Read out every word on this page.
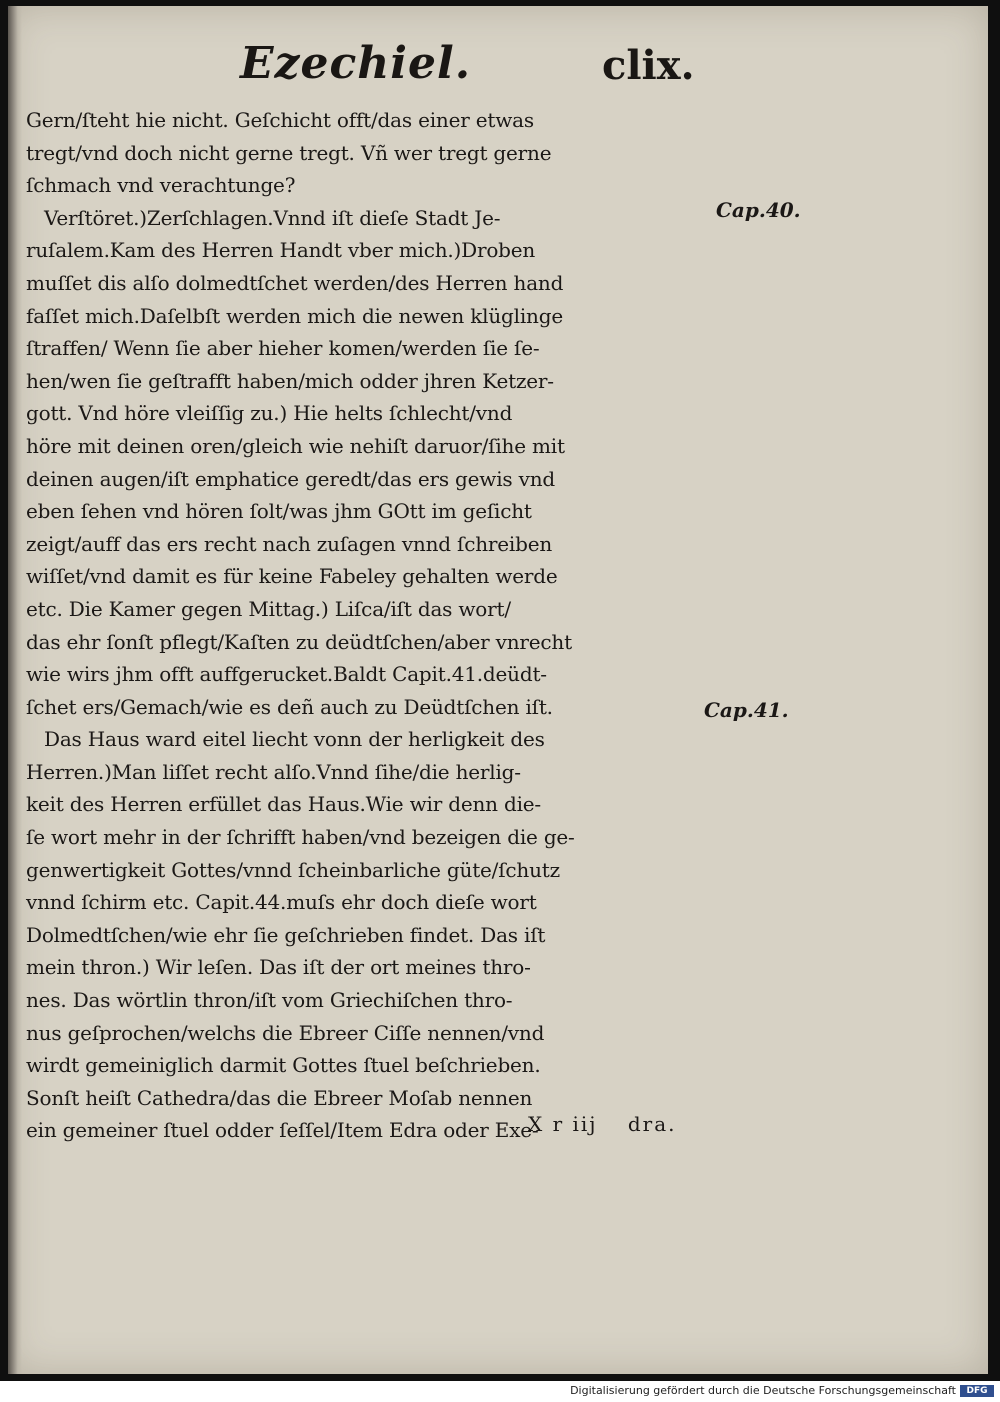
Ezechiel.	clix.
Gern/ſteht hie nicht. Geſchicht offt/das einer etwas
tregt/vnd doch nicht gerne tregt. Vñ wer tregt gerne
ſchmach vnd verachtunge?
Verſtöret.)Zerſchlagen.Vnnd iſt dieſe Stadt Je-
ruſalem.Kam des Herren Handt vber mich.)Droben
muſſet dis alſo dolmedtſchet werden/des Herren hand
faſſet mich.Daſelbſt werden mich die newen klüglinge
ſtraffen/ Wenn ſie aber hieher komen/werden ſie ſe-
hen/wen ſie geſtrafft haben/mich odder jhren Ketzer-
gott. Vnd höre vleiſſig zu.) Hie helts ſchlecht/vnd
höre mit deinen oren/gleich wie nehiſt daruor/ſihe mit
deinen augen/iſt emphatice geredt/das ers gewis vnd
eben ſehen vnd hören ſolt/was jhm GOtt im geſicht
zeigt/auff das ers recht nach zuſagen vnnd ſchreiben
wiſſet/vnd damit es für keine Fabeley gehalten werde
etc. Die Kamer gegen Mittag.) Liſca/iſt das wort/
das ehr ſonſt pflegt/Kaſten zu deüdtſchen/aber vnrecht
wie wirs jhm offt auffgerucket.Baldt Capit.41.deüdt-
ſchet ers/Gemach/wie es deñ auch zu Deüdtſchen iſt.
Das Haus ward eitel liecht vonn der herligkeit des
Herren.)Man liſſet recht alſo.Vnnd ſihe/die herlig-
keit des Herren erfüllet das Haus.Wie wir denn die-
ſe wort mehr in der ſchrifft haben/vnd bezeigen die ge-
genwertigkeit Gottes/vnnd ſcheinbarliche güte/ſchutz
vnnd ſchirm etc. Capit.44.muſs ehr doch dieſe wort
Dolmedtſchen/wie ehr ſie geſchrieben findet. Das iſt
mein thron.) Wir leſen. Das iſt der ort meines thro-
nes. Das wörtlin thron/iſt vom Griechiſchen thro-
nus geſprochen/welchs die Ebreer Ciſſe nennen/vnd
wirdt gemeiniglich darmit Gottes ſtuel beſchrieben.
Sonſt heiſt Cathedra/das die Ebreer Moſab nennen
ein gemeiner ſtuel odder ſeſſel/Item Edra oder Exe-
Cap.40.
Cap.41.
X r iij dra.
Digitalisierung gefördert durch die Deutsche Forschungsgemeinschaft	DFG
